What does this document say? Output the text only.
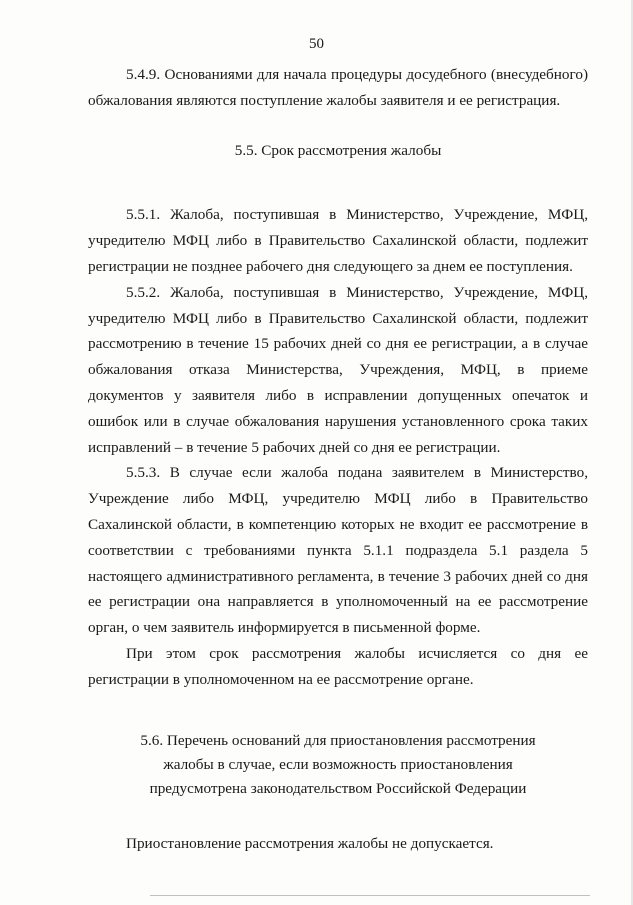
50

5.4.9. Основаниями для начала процедуры досудебного (внесудебного) обжалования являются поступление жалобы заявителя и ее регистрация.

5.5. Срок рассмотрения жалобы

5.5.1. Жалоба, поступившая в Министерство, Учреждение, МФЦ, учредителю МФЦ либо в Правительство Сахалинской области, подлежит регистрации не позднее рабочего дня следующего за днем ее поступления.

5.5.2. Жалоба, поступившая в Министерство, Учреждение, МФЦ, учредителю МФЦ либо в Правительство Сахалинской области, подлежит рассмотрению в течение 15 рабочих дней со дня ее регистрации, а в случае обжалования отказа Министерства, Учреждения, МФЦ, в приеме документов у заявителя либо в исправлении допущенных опечаток и ошибок или в случае обжалования нарушения установленного срока таких исправлений – в течение 5 рабочих дней со дня ее регистрации.

5.5.3. В случае если жалоба подана заявителем в Министерство, Учреждение либо МФЦ, учредителю МФЦ либо в Правительство Сахалинской области, в компетенцию которых не входит ее рассмотрение в соответствии с требованиями пункта 5.1.1 подраздела 5.1 раздела 5 настоящего административного регламента, в течение 3 рабочих дней со дня ее регистрации она направляется в уполномоченный на ее рассмотрение орган, о чем заявитель информируется в письменной форме.

При этом срок рассмотрения жалобы исчисляется со дня ее регистрации в уполномоченном на ее рассмотрение органе.

5.6. Перечень оснований для приостановления рассмотрения
жалобы в случае, если возможность приостановления
предусмотрена законодательством Российской Федерации

Приостановление рассмотрения жалобы не допускается.
